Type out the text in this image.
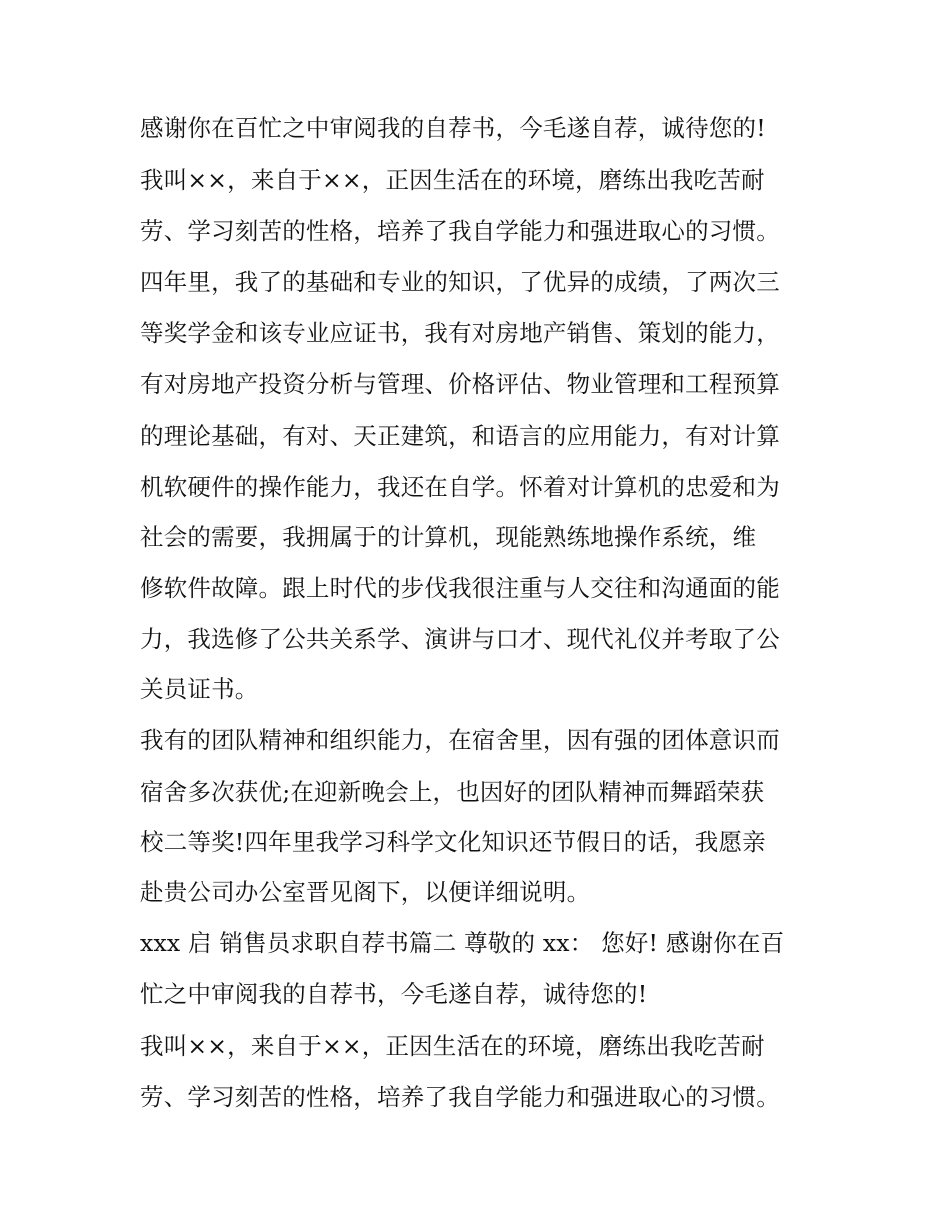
感谢你在百忙之中审阅我的自荐书，今毛遂自荐，诚待您的!
我叫××，来自于××，正因生活在的环境，磨练出我吃苦耐
劳、学习刻苦的性格，培养了我自学能力和强进取心的习惯。
四年里，我了的基础和专业的知识，了优异的成绩，了两次三
等奖学金和该专业应证书，我有对房地产销售、策划的能力，
有对房地产投资分析与管理、价格评估、物业管理和工程预算
的理论基础，有对、天正建筑，和语言的应用能力，有对计算
机软硬件的操作能力，我还在自学。怀着对计算机的忠爱和为
社会的需要，我拥属于的计算机，现能熟练地操作系统，维
修软件故障。跟上时代的步伐我很注重与人交往和沟通面的能
力，我选修了公共关系学、演讲与口才、现代礼仪并考取了公
关员证书。
我有的团队精神和组织能力，在宿舍里，因有强的团体意识而
宿舍多次获优;在迎新晚会上，也因好的团队精神而舞蹈荣获
校二等奖!四年里我学习科学文化知识还节假日的话，我愿亲
赴贵公司办公室晋见阁下，以便详细说明。
xxx 启 销售员求职自荐书篇二 尊敬的 xx： 您好! 感谢你在百
忙之中审阅我的自荐书，今毛遂自荐，诚待您的!
我叫××，来自于××，正因生活在的环境，磨练出我吃苦耐
劳、学习刻苦的性格，培养了我自学能力和强进取心的习惯。
